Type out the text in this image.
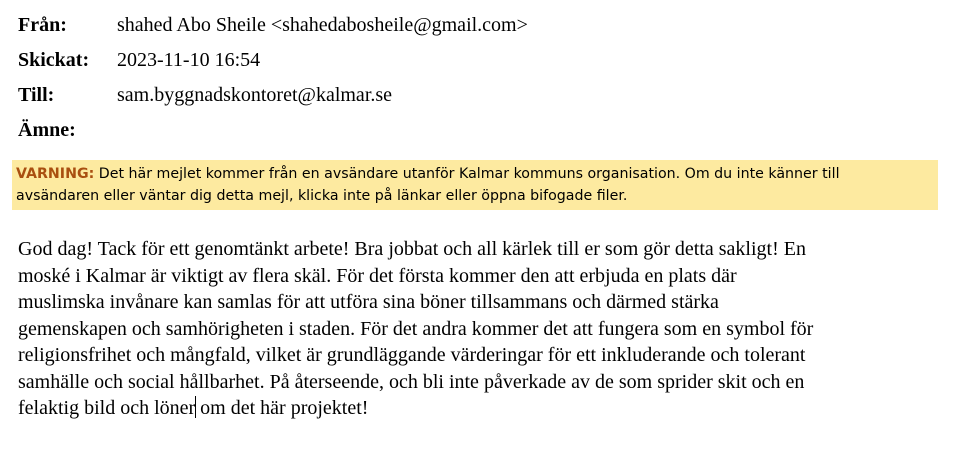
Från:	shahed Abo Sheile <shahedabosheile@gmail.com>
Skickat: 2023-11-10 16:54
Till:	sam.byggnadskontoret@kalmar.se
Ämne:
VARNING: Det här mejlet kommer från en avsändare utanför Kalmar kommuns organisation. Om du inte känner till
avsändaren eller väntar dig detta mejl, klicka inte på länkar eller öppna bifogade filer.
God dag! Tack för ett genomtänkt arbete! Bra jobbat och all kärlek till er som gör detta sakligt! En
moské i Kalmar är viktigt av flera skäl. För det första kommer den att erbjuda en plats där
muslimska invånare kan samlas för att utföra sina böner tillsammans och därmed stärka
gemenskapen och samhörigheten i staden. För det andra kommer det att fungera som en symbol för
religionsfrihet och mångfald, vilket är grundläggande värderingar för ett inkluderande och tolerant
samhälle och social hållbarhet. På återseende, och bli inte påverkade av de som sprider skit och en
felaktig bild och löner om det här projektet!
